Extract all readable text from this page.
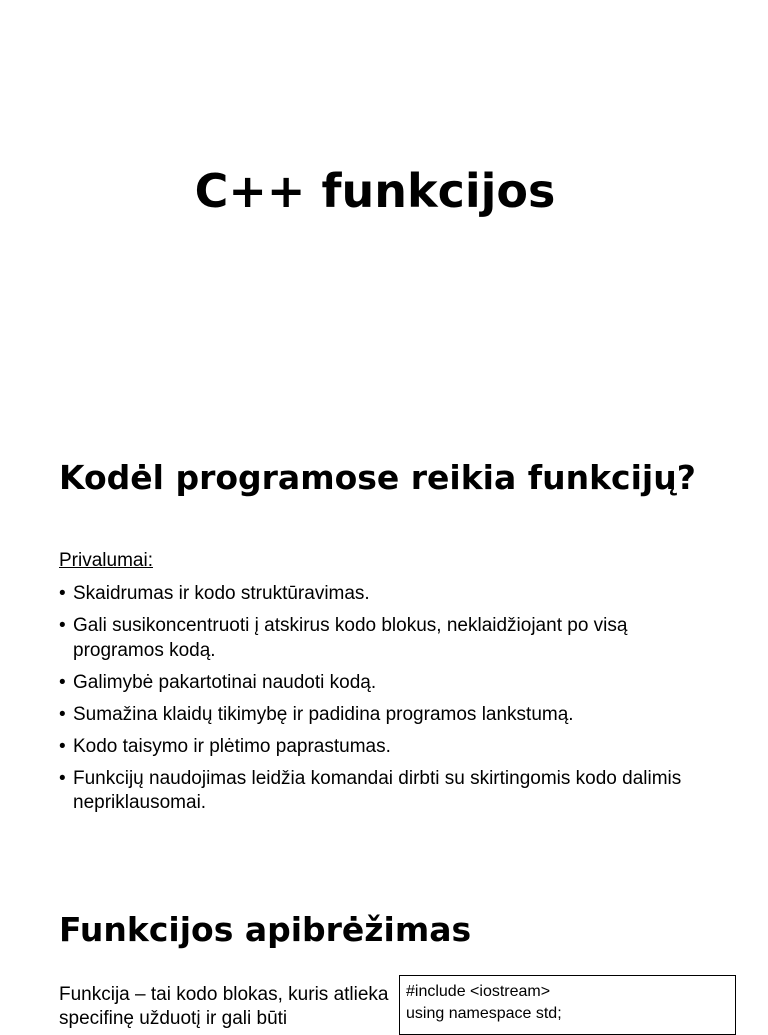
C++ funkcijos
Kodėl programose reikia funkcijų?

Privalumai:

• Skaidrumas ir kodo struktūravimas.
• Gali susikoncentruoti į atskirus kodo blokus, neklaidžiojant po visą programos kodą.
• Galimybė pakartotinai naudoti kodą.
• Sumažina klaidų tikimybę ir padidina programos lankstumą.
• Kodo taisymo ir plėtimo paprastumas.
• Funkcijų naudojimas leidžia komandai dirbti su skirtingomis kodo dalimis nepriklausomai.
Funkcijos apibrėžimas

Funkcija – tai kodo blokas, kuris atlieka specifinę užduotį ir gali būti

#include <iostream>
using namespace std;
